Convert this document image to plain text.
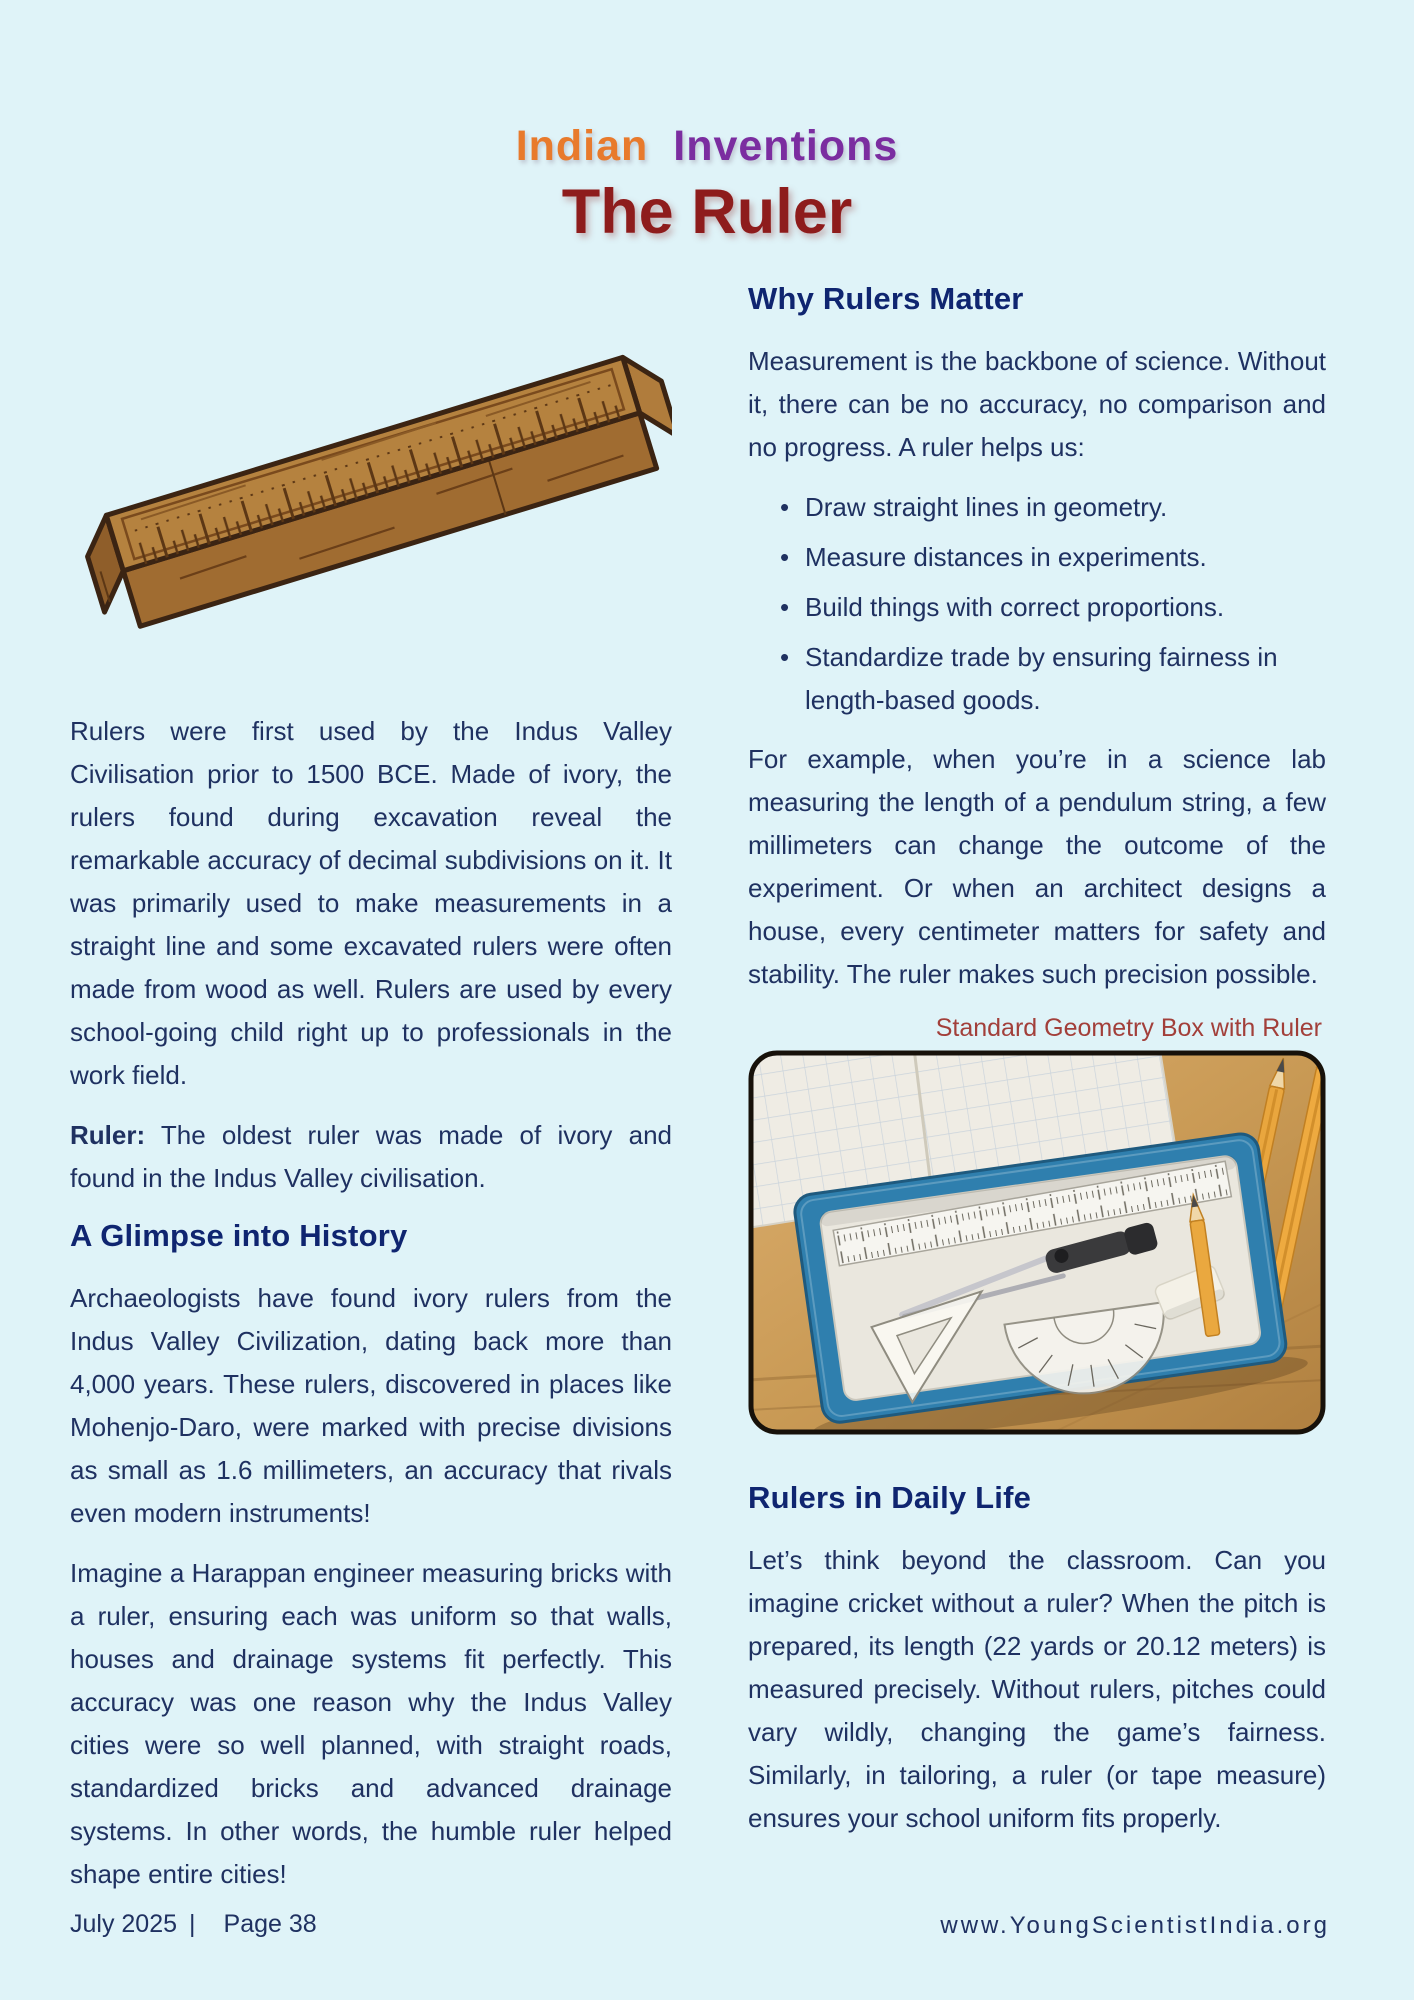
Indian Inventions
The Ruler

Rulers were first used by the Indus Valley Civilisation prior to 1500 BCE. Made of ivory, the rulers found during excavation reveal the remarkable accuracy of decimal subdivisions on it. It was primarily used to make measurements in a straight line and some excavated rulers were often made from wood as well. Rulers are used by every school-going child right up to professionals in the work field.

Ruler: The oldest ruler was made of ivory and found in the Indus Valley civilisation.

A Glimpse into History

Archaeologists have found ivory rulers from the Indus Valley Civilization, dating back more than 4,000 years. These rulers, discovered in places like Mohenjo-Daro, were marked with precise divisions as small as 1.6 millimeters, an accuracy that rivals even modern instruments!

Imagine a Harappan engineer measuring bricks with a ruler, ensuring each was uniform so that walls, houses and drainage systems fit perfectly. This accuracy was one reason why the Indus Valley cities were so well planned, with straight roads, standardized bricks and advanced drainage systems. In other words, the humble ruler helped shape entire cities!

Why Rulers Matter

Measurement is the backbone of science. Without it, there can be no accuracy, no comparison and no progress. A ruler helps us:

• Draw straight lines in geometry.
• Measure distances in experiments.
• Build things with correct proportions.
• Standardize trade by ensuring fairness in length-based goods.

For example, when you’re in a science lab measuring the length of a pendulum string, a few millimeters can change the outcome of the experiment. Or when an architect designs a house, every centimeter matters for safety and stability. The ruler makes such precision possible.

Standard Geometry Box with Ruler
Rulers in Daily Life

Let’s think beyond the classroom. Can you imagine cricket without a ruler? When the pitch is prepared, its length (22 yards or 20.12 meters) is measured precisely. Without rulers, pitches could vary wildly, changing the game’s fairness. Similarly, in tailoring, a ruler (or tape measure) ensures your school uniform fits properly.

July 2025 | Page 38	www.YoungScientistIndia.org
